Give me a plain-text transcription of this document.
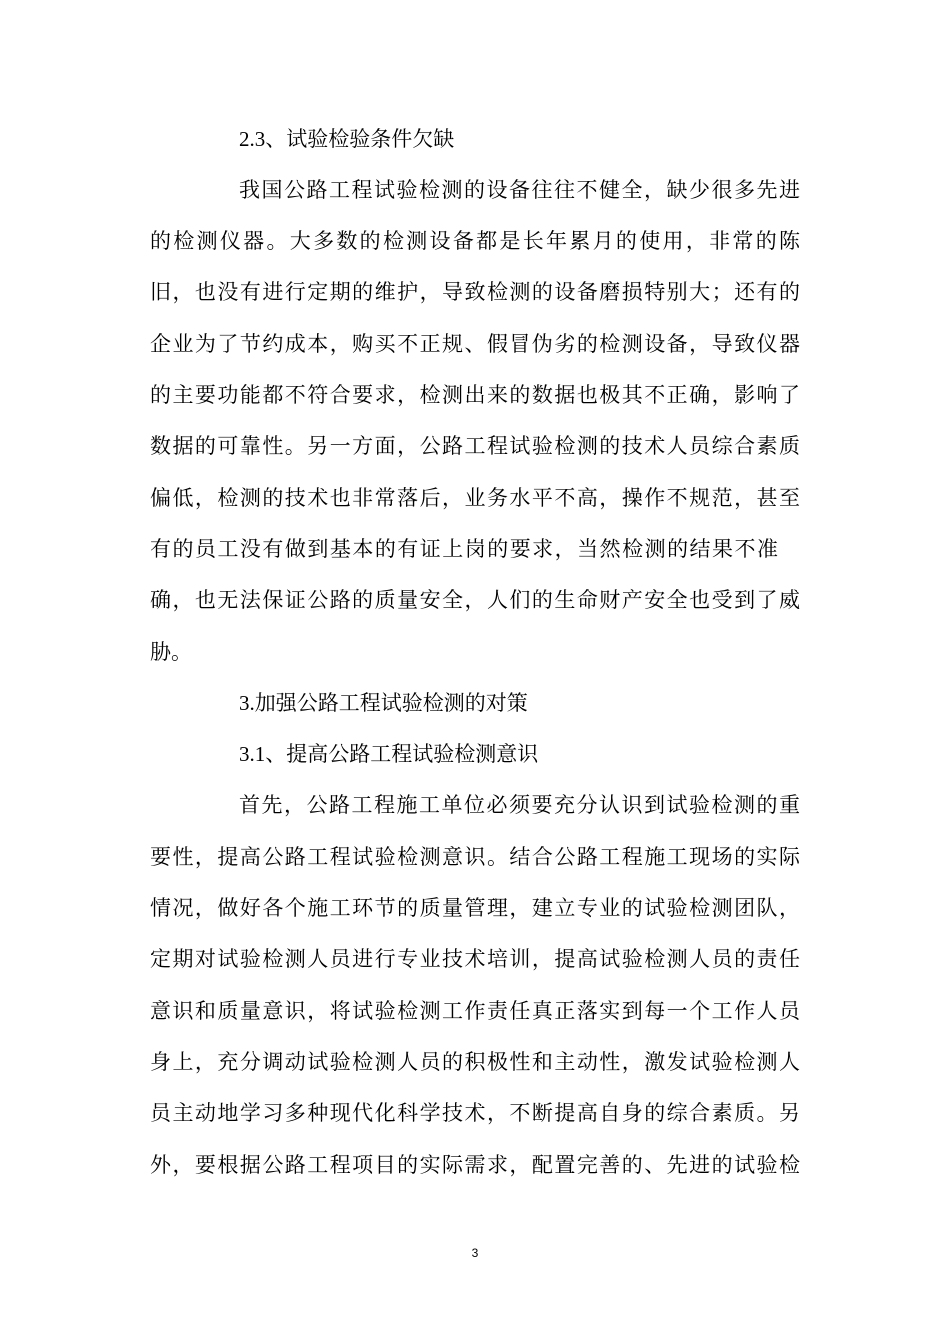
2.3、试验检验条件欠缺
我国公路工程试验检测的设备往往不健全，缺少很多先进
的检测仪器。大多数的检测设备都是长年累月的使用，非常的陈
旧，也没有进行定期的维护，导致检测的设备磨损特别大；还有的
企业为了节约成本，购买不正规、假冒伪劣的检测设备，导致仪器
的主要功能都不符合要求，检测出来的数据也极其不正确，影响了
数据的可靠性。另一方面，公路工程试验检测的技术人员综合素质
偏低，检测的技术也非常落后，业务水平不高，操作不规范，甚至
有的员工没有做到基本的有证上岗的要求，当然检测的结果不准
确，也无法保证公路的质量安全，人们的生命财产安全也受到了威
胁。
3.加强公路工程试验检测的对策
3.1、提高公路工程试验检测意识
首先，公路工程施工单位必须要充分认识到试验检测的重
要性，提高公路工程试验检测意识。结合公路工程施工现场的实际
情况，做好各个施工环节的质量管理，建立专业的试验检测团队，
定期对试验检测人员进行专业技术培训，提高试验检测人员的责任
意识和质量意识，将试验检测工作责任真正落实到每一个工作人员
身上，充分调动试验检测人员的积极性和主动性，激发试验检测人
员主动地学习多种现代化科学技术，不断提高自身的综合素质。另
外，要根据公路工程项目的实际需求，配置完善的、先进的试验检
3
